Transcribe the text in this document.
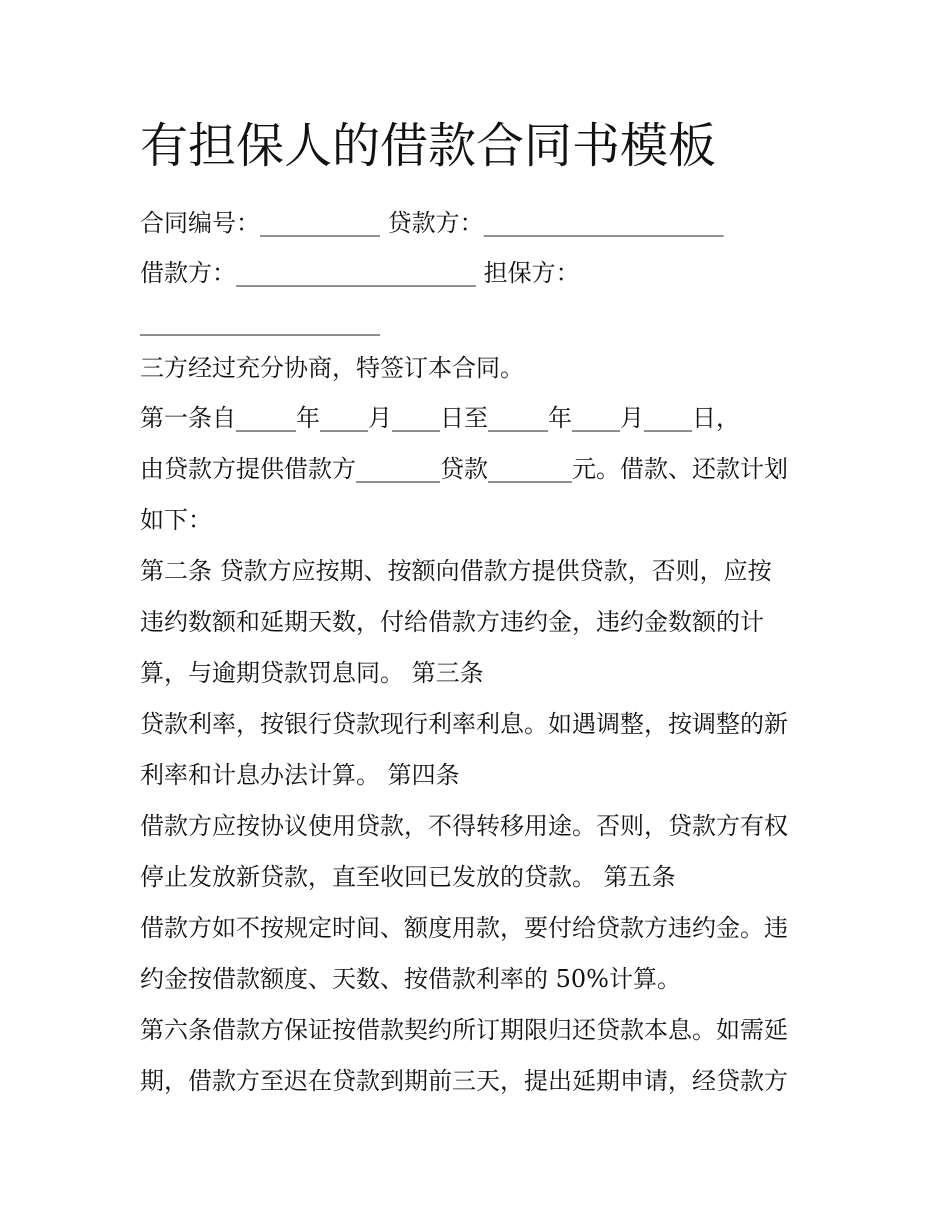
有担保人的借款合同书模板
合同编号：__________ 贷款方：____________________
借款方：____________________ 担保方：
____________________
三方经过充分协商，特签订本合同。
第一条自_____年____月____日至_____年____月____日，
由贷款方提供借款方_______贷款_______元。借款、还款计划
如下：
第二条 贷款方应按期、按额向借款方提供贷款，否则，应按
违约数额和延期天数，付给借款方违约金，违约金数额的计
算，与逾期贷款罚息同。 第三条
贷款利率，按银行贷款现行利率利息。如遇调整，按调整的新
利率和计息办法计算。 第四条
借款方应按协议使用贷款，不得转移用途。否则，贷款方有权
停止发放新贷款，直至收回已发放的贷款。 第五条
借款方如不按规定时间、额度用款，要付给贷款方违约金。违
约金按借款额度、天数、按借款利率的 50%计算。
第六条借款方保证按借款契约所订期限归还贷款本息。如需延
期，借款方至迟在贷款到期前三天，提出延期申请，经贷款方
